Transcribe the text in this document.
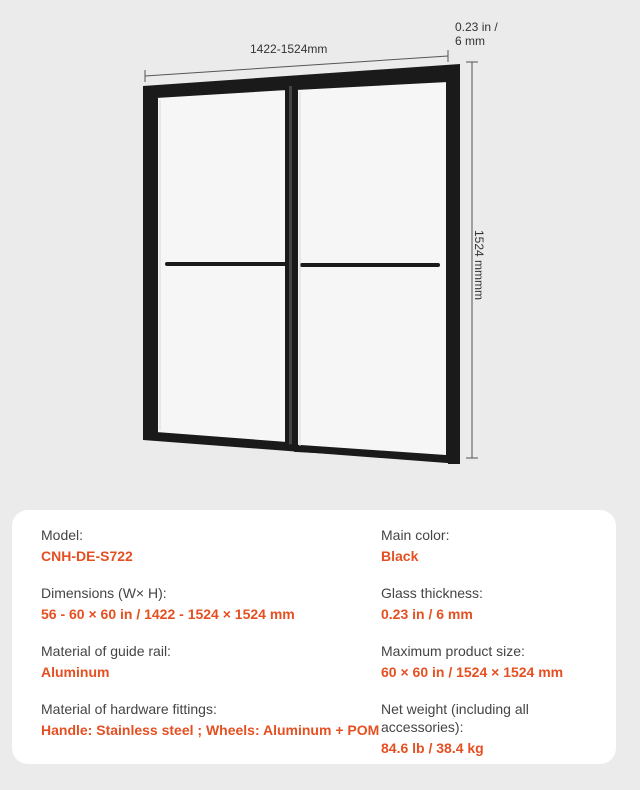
1422-1524mm
0.23 in /
6 mm
1524 mmmm
Model:
CNH-DE-S722
Dimensions (W× H):
56 - 60 × 60 in / 1422 - 1524 × 1524 mm
Material of guide rail:
Aluminum
Material of hardware fittings:
Handle: Stainless steel ; Wheels: Aluminum + POM
Main color:
Black
Glass thickness:
0.23 in / 6 mm
Maximum product size:
60 × 60 in / 1524 × 1524 mm
Net weight (including all accessories):
84.6 lb / 38.4 kg
